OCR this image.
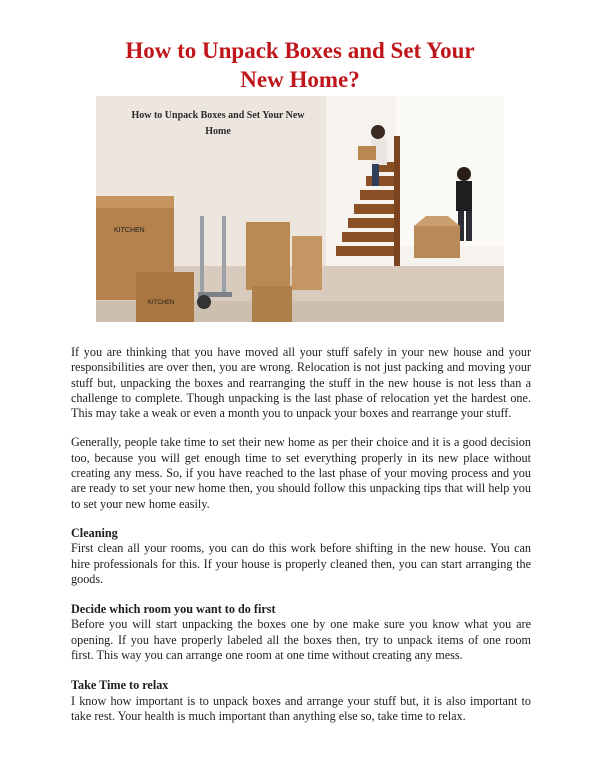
How to Unpack Boxes and Set Your
New Home?
KITCHEN
KITCHEN
How to Unpack Boxes and Set Your New
Home

If you are thinking that you have moved all your stuff safely in your new house and your responsibilities are over then, you are wrong. Relocation is not just packing and moving your stuff but, unpacking the boxes and rearranging the stuff in the new house is not less than a challenge to complete. Though unpacking is the last phase of relocation yet the hardest one. This may take a weak or even a month you to unpack your boxes and rearrange your stuff.

Generally, people take time to set their new home as per their choice and it is a good decision too, because you will get enough time to set everything properly in its new place without creating any mess. So, if you have reached to the last phase of your moving process and you are ready to set your new home then, you should follow this unpacking tips that will help you to set your new home easily.

Cleaning
First clean all your rooms, you can do this work before shifting in the new house. You can hire professionals for this. If your house is properly cleaned then, you can start arranging the goods.
Decide which room you want to do first
Before you will start unpacking the boxes one by one make sure you know what you are opening. If you have properly labeled all the boxes then, try to unpack items of one room first. This way you can arrange one room at one time without creating any mess.
Take Time to relax
I know how important is to unpack boxes and arrange your stuff but, it is also important to take rest. Your health is much important than anything else so, take time to relax.
